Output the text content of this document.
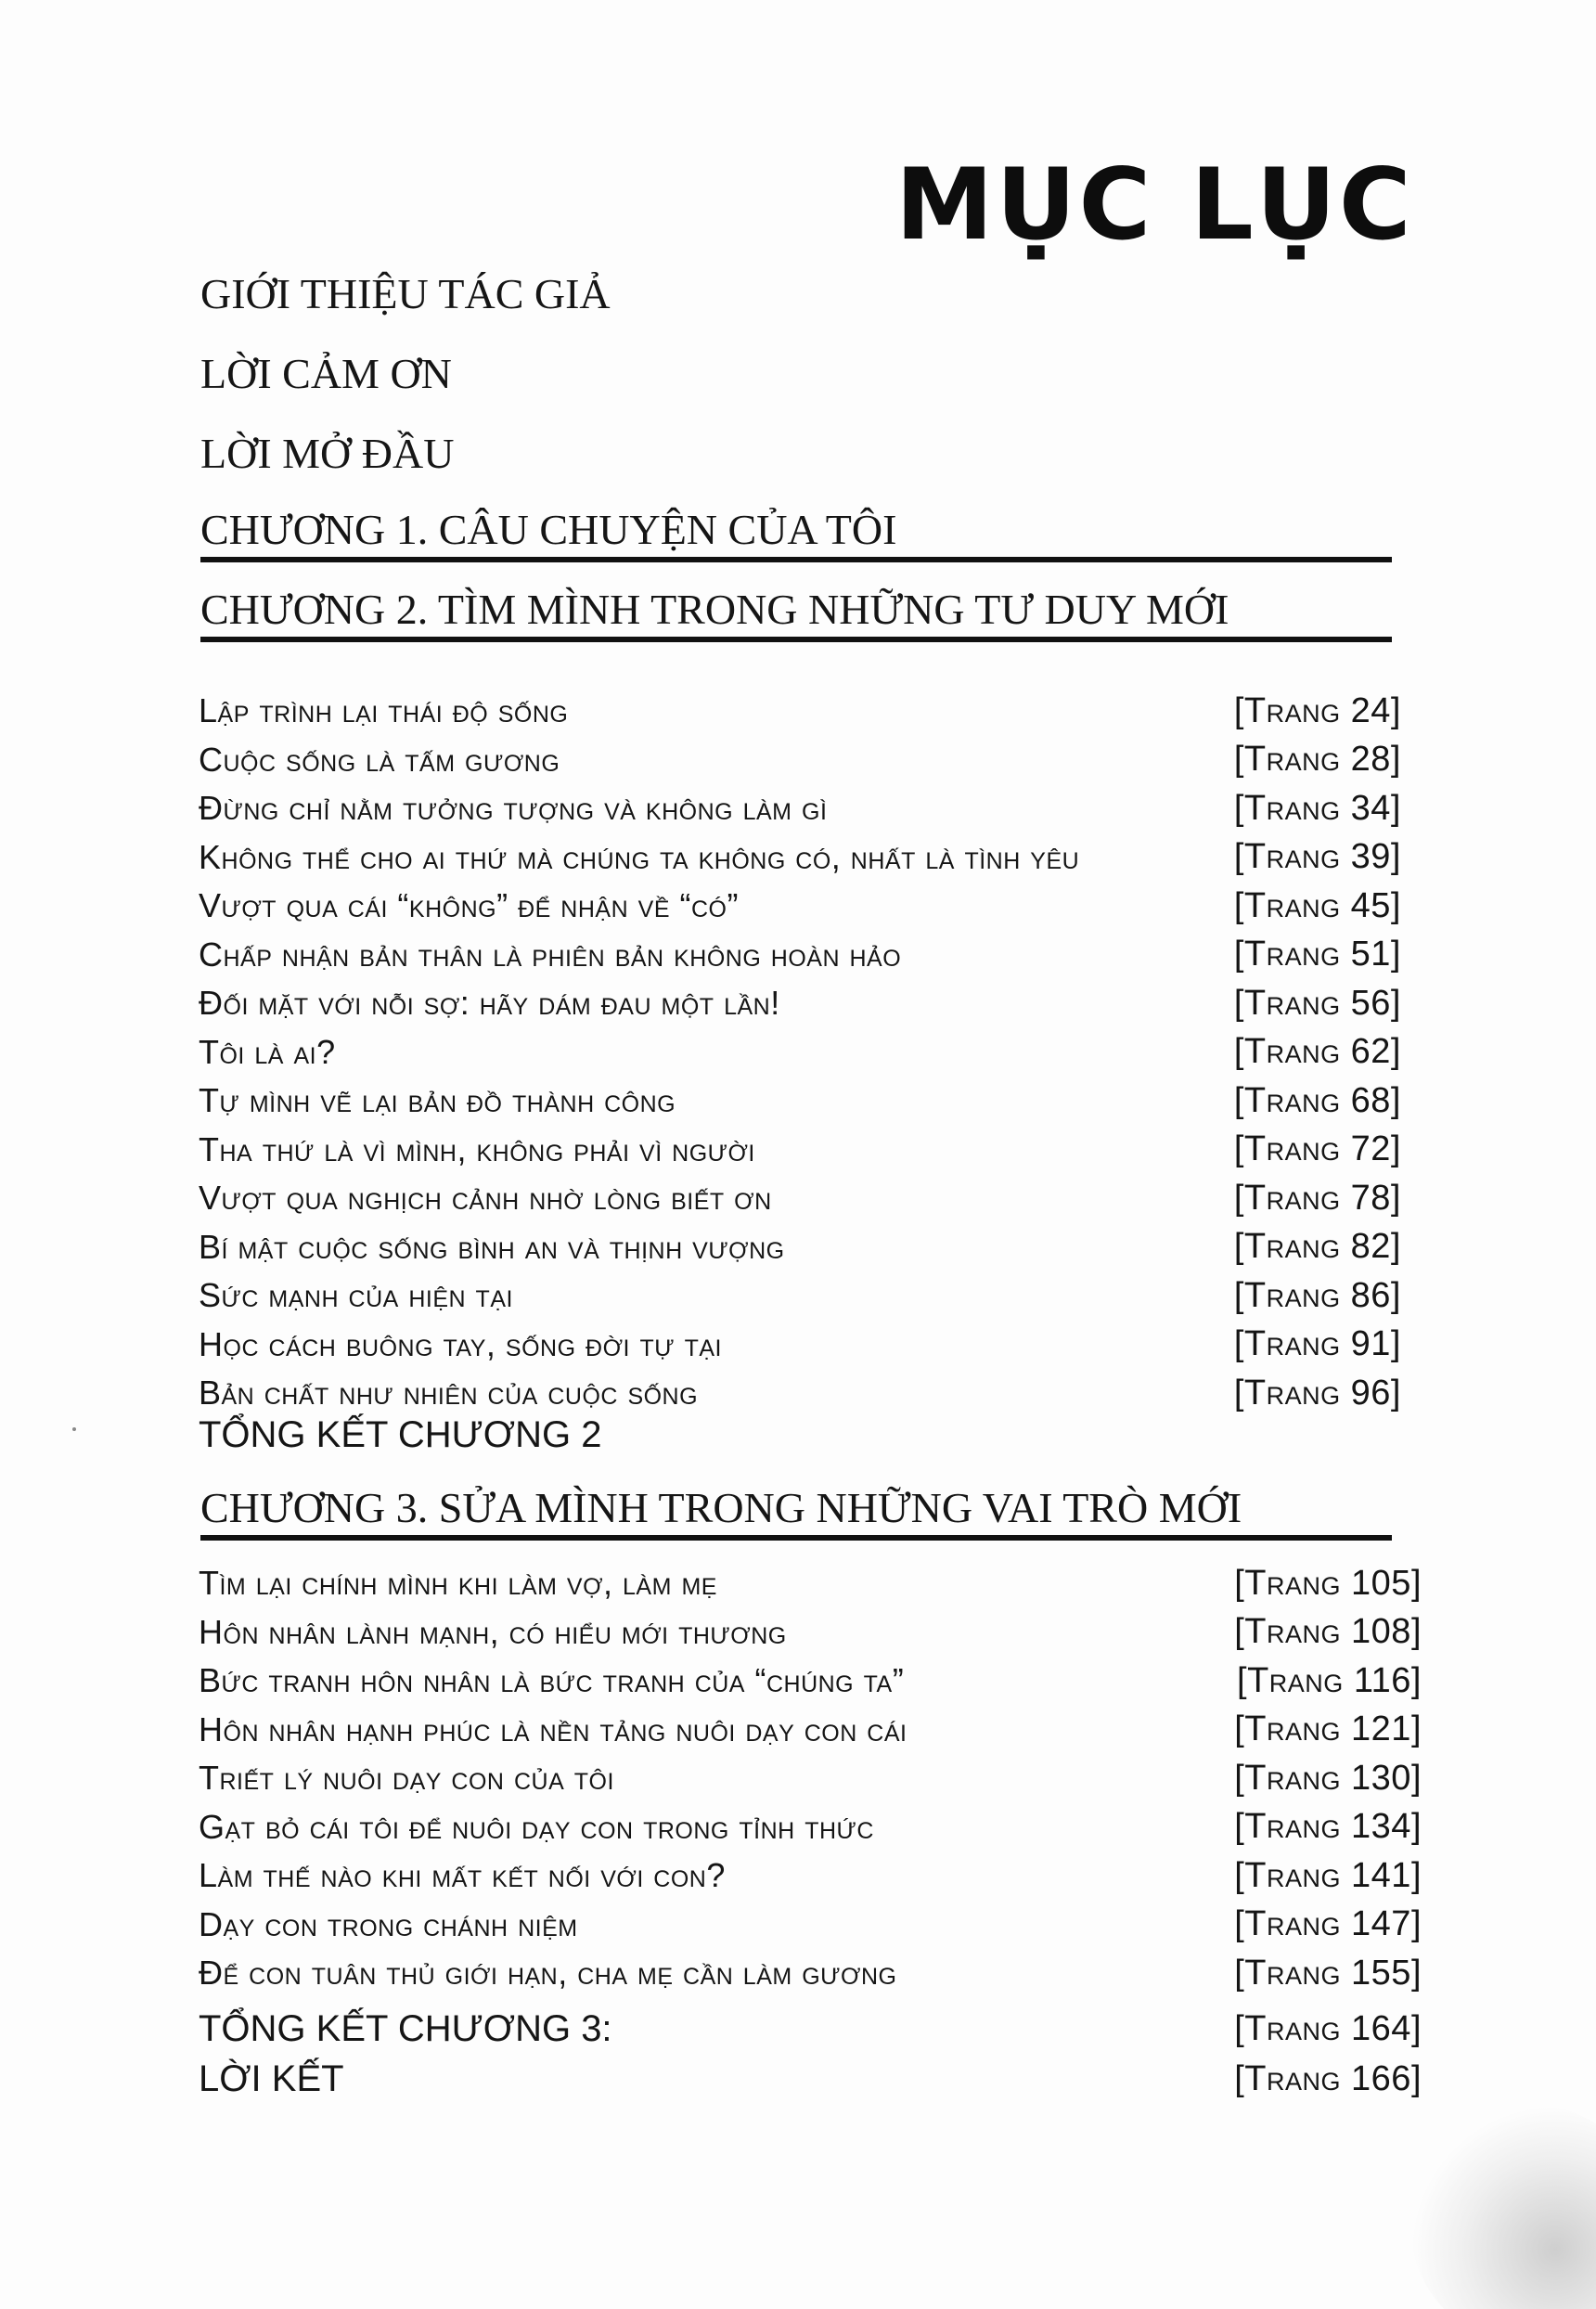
MỤC LỤC
GIỚI THIỆU TÁC GIẢ
LỜI CẢM ƠN
LỜI MỞ ĐẦU
CHƯƠNG 1. CÂU CHUYỆN CỦA TÔI
CHƯƠNG 2. TÌM MÌNH TRONG NHỮNG TƯ DUY MỚI
Lập trình lại thái độ sống	[Trang 24]
Cuộc sống là tấm gương	[Trang 28]
Đừng chỉ nằm tưởng tượng và không làm gì	[Trang 34]
Không thể cho ai thứ mà chúng ta không có, nhất là tình yêu	[Trang 39]
Vượt qua cái “không” để nhận về “có”	[Trang 45]
Chấp nhận bản thân là phiên bản không hoàn hảo	[Trang 51]
Đối mặt với nỗi sợ: hãy dám đau một lần!	[Trang 56]
Tôi là ai?	[Trang 62]
Tự mình vẽ lại bản đồ thành công	[Trang 68]
Tha thứ là vì mình, không phải vì người	[Trang 72]
Vượt qua nghịch cảnh nhờ lòng biết ơn	[Trang 78]
Bí mật cuộc sống bình an và thịnh vượng	[Trang 82]
Sức mạnh của hiện tại	[Trang 86]
Học cách buông tay, sống đời tự tại	[Trang 91]
Bản chất như nhiên của cuộc sống	[Trang 96]
TỔNG KẾT CHƯƠNG 2
CHƯƠNG 3. SỬA MÌNH TRONG NHỮNG VAI TRÒ MỚI
Tìm lại chính mình khi làm vợ, làm mẹ	[Trang 105]
Hôn nhân lành mạnh, có hiểu mới thương	[Trang 108]
Bức tranh hôn nhân là bức tranh của “chúng ta”	[Trang 116]
Hôn nhân hạnh phúc là nền tảng nuôi dạy con cái	[Trang 121]
Triết lý nuôi dạy con của tôi	[Trang 130]
Gạt bỏ cái tôi để nuôi dạy con trong tỉnh thức	[Trang 134]
Làm thế nào khi mất kết nối với con?	[Trang 141]
Dạy con trong chánh niệm	[Trang 147]
Để con tuân thủ giới hạn, cha mẹ cần làm gương	[Trang 155]
TỔNG KẾT CHƯƠNG 3:	[Trang 164]
LỜI KẾT	[Trang 166]
